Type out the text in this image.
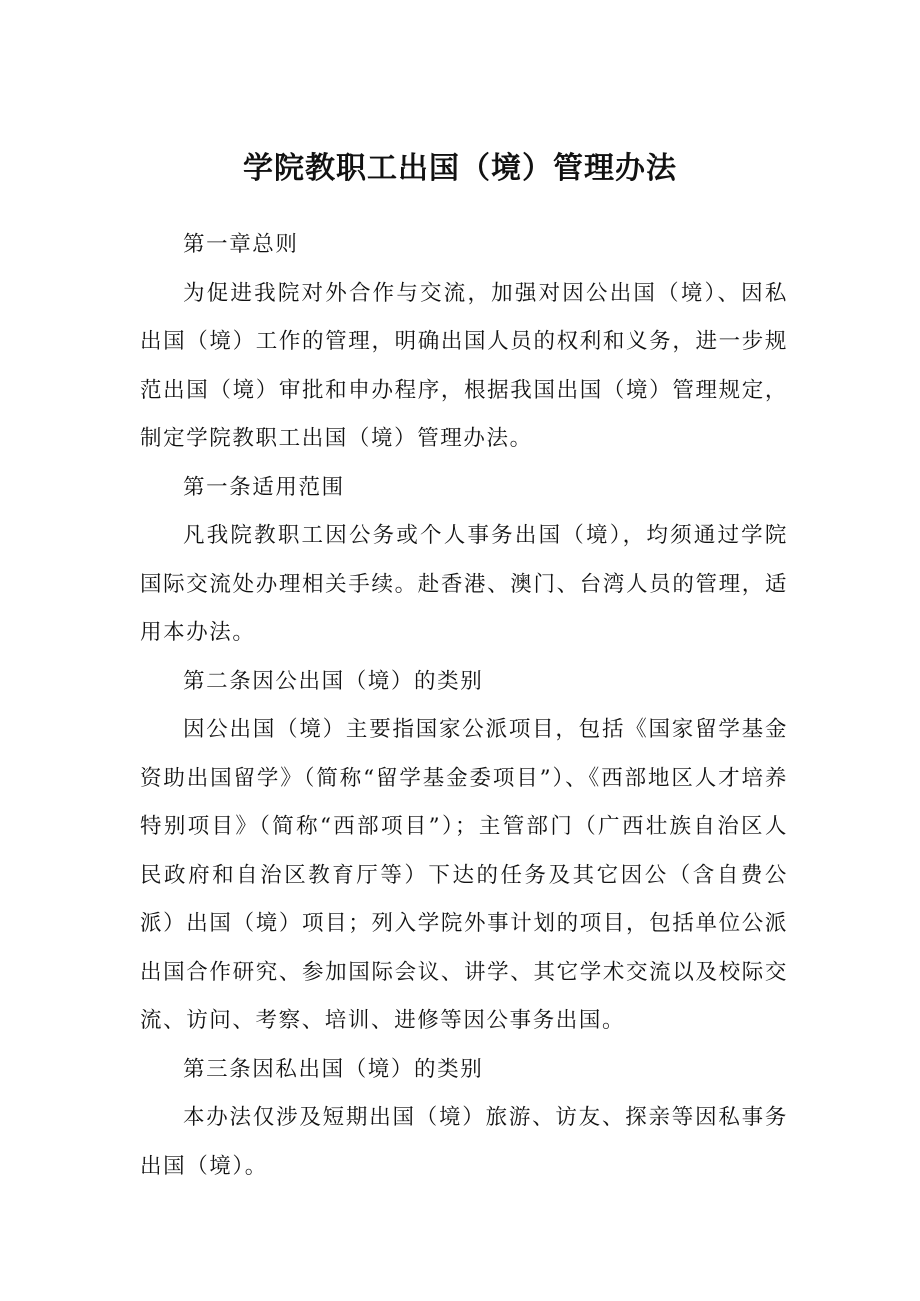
学院教职工出国（境）管理办法

第一章总则

为促进我院对外合作与交流，加强对因公出国（境）、因私出国（境）工作的管理，明确出国人员的权利和义务，进一步规范出国（境）审批和申办程序，根据我国出国（境）管理规定，制定学院教职工出国（境）管理办法。

第一条适用范围

凡我院教职工因公务或个人事务出国（境），均须通过学院国际交流处办理相关手续。赴香港、澳门、台湾人员的管理，适用本办法。

第二条因公出国（境）的类别

因公出国（境）主要指国家公派项目，包括《国家留学基金资助出国留学》（简称“留学基金委项目”）、《西部地区人才培养特别项目》（简称“西部项目”）；主管部门（广西壮族自治区人民政府和自治区教育厅等）下达的任务及其它因公（含自费公派）出国（境）项目；列入学院外事计划的项目，包括单位公派出国合作研究、参加国际会议、讲学、其它学术交流以及校际交流、访问、考察、培训、进修等因公事务出国。

第三条因私出国（境）的类别

本办法仅涉及短期出国（境）旅游、访友、探亲等因私事务出国（境）。
